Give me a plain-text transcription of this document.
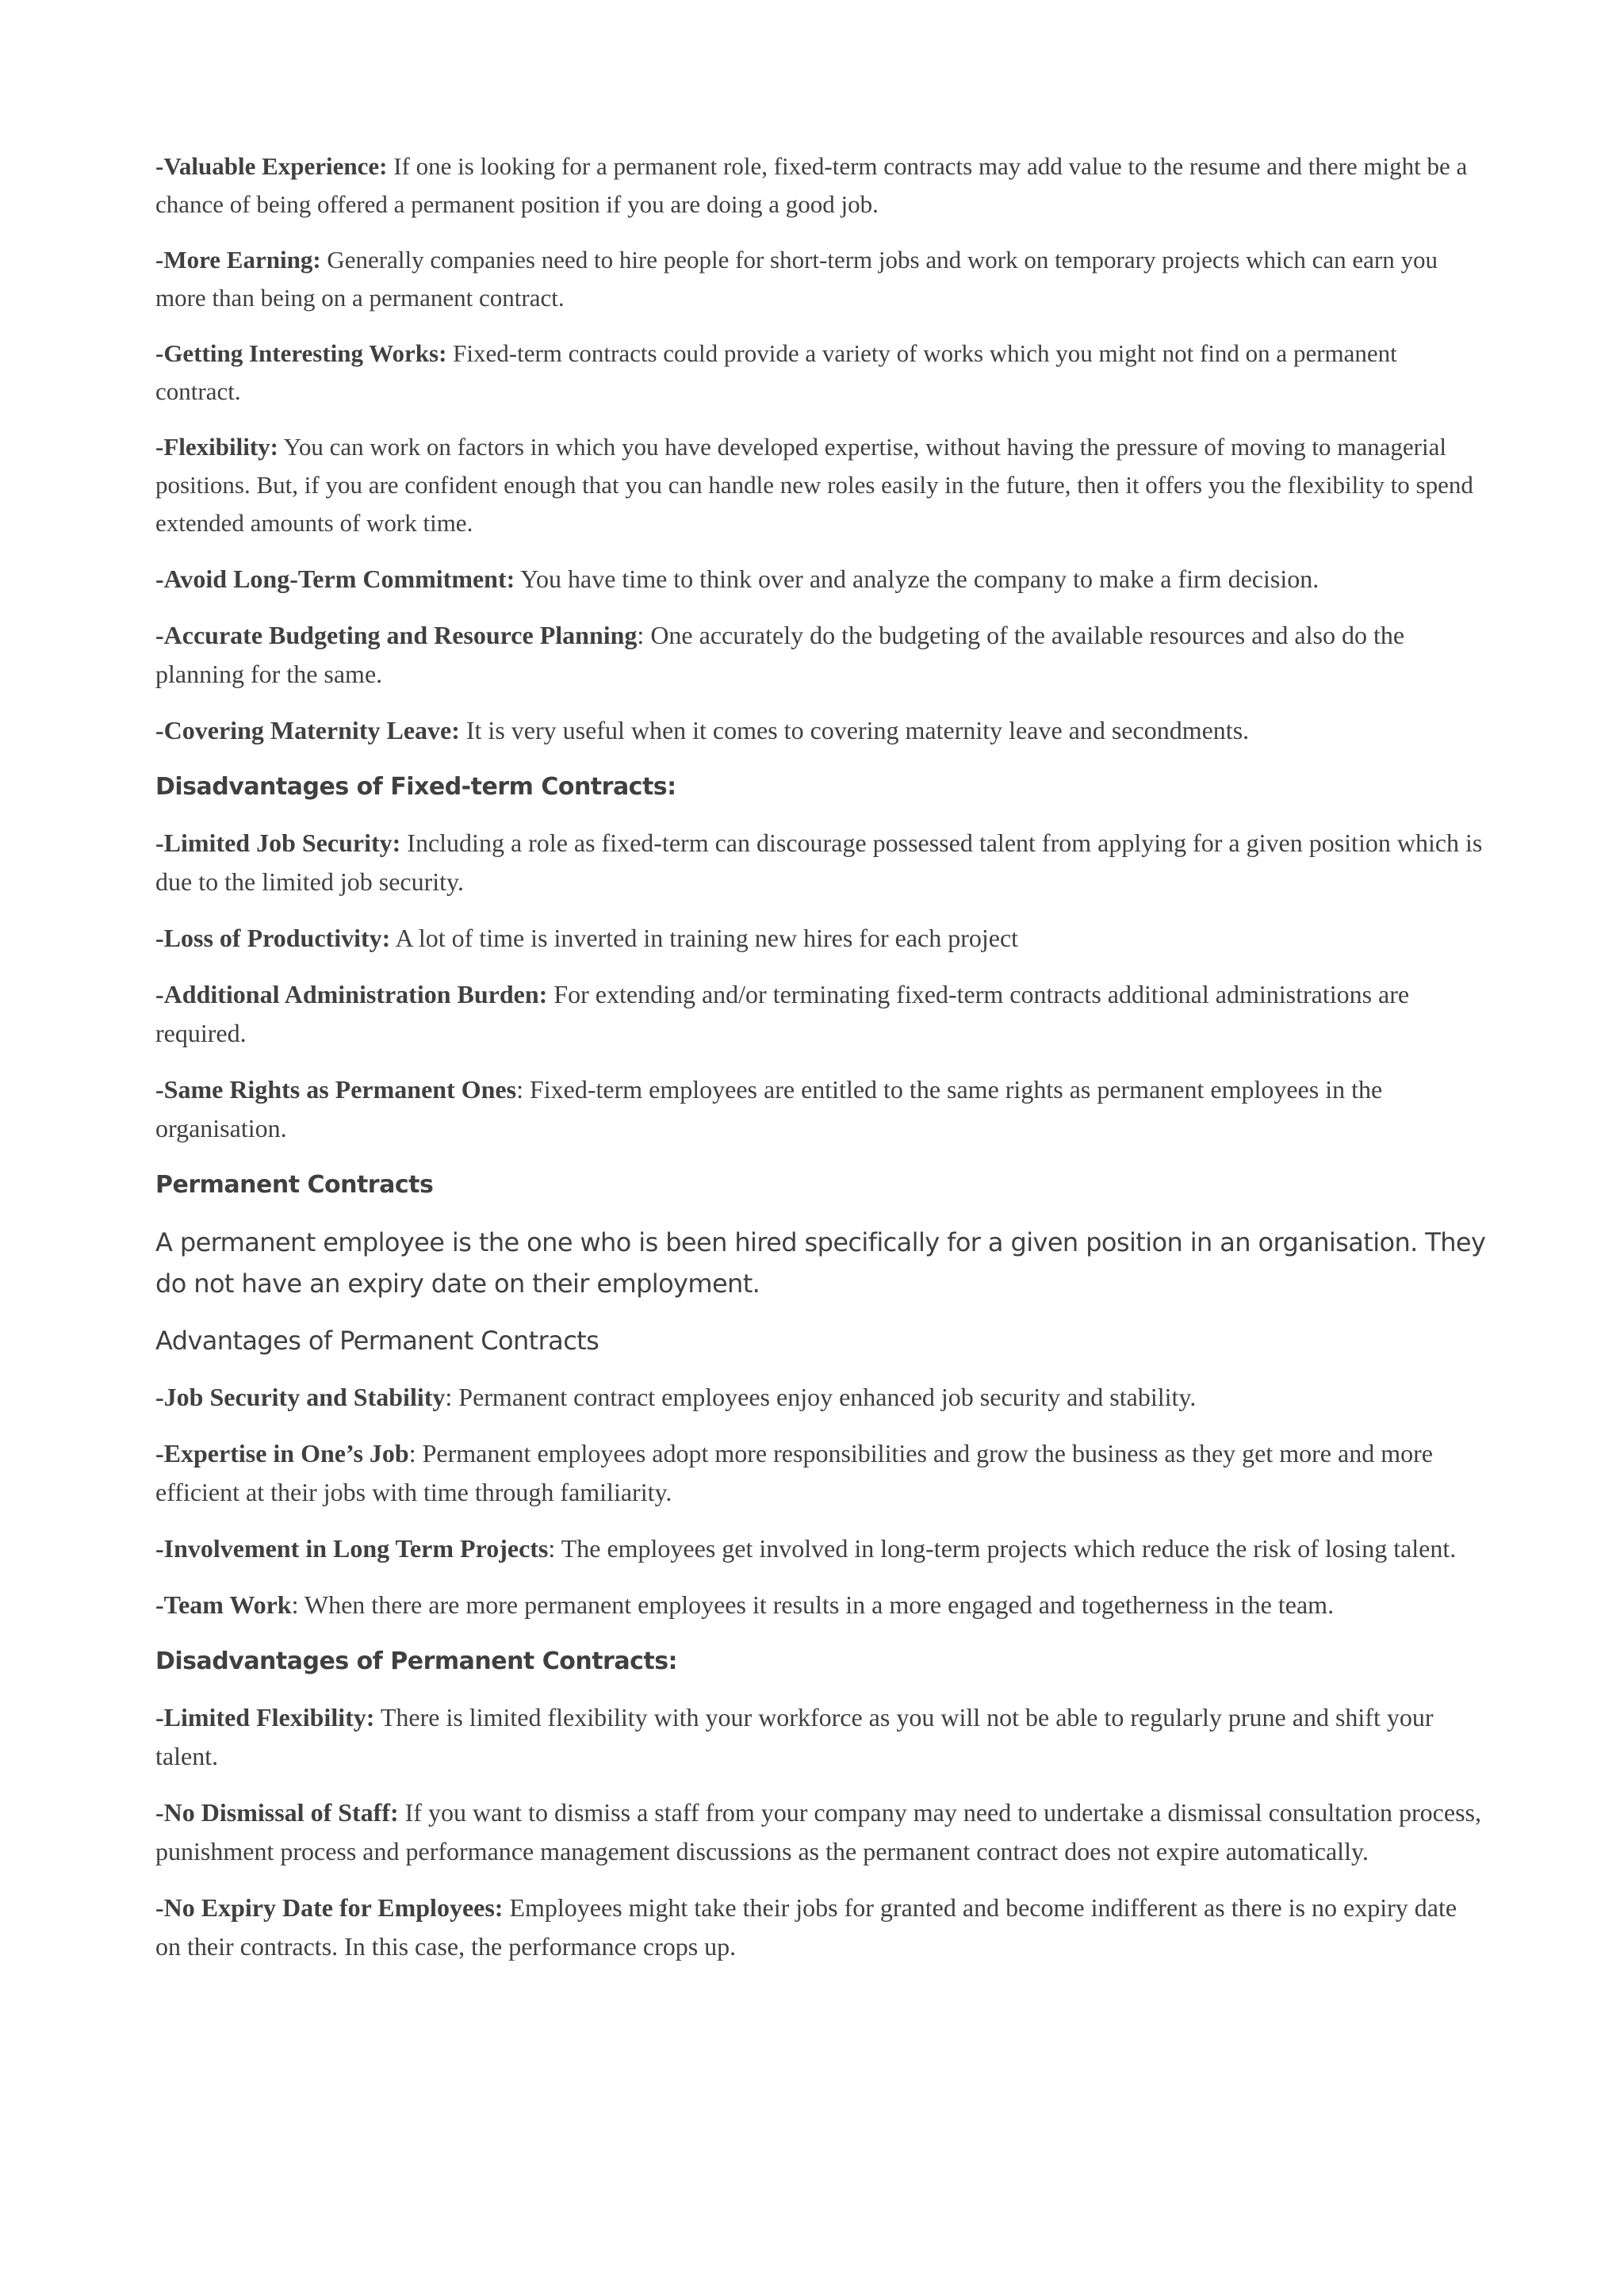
-Valuable Experience: If one is looking for a permanent role, fixed-term contracts may add value to the resume and there might be a chance of being offered a permanent position if you are doing a good job.

-More Earning: Generally companies need to hire people for short-term jobs and work on temporary projects which can earn you more than being on a permanent contract.

-Getting Interesting Works: Fixed-term contracts could provide a variety of works which you might not find on a permanent contract.

-Flexibility: You can work on factors in which you have developed expertise, without having the pressure of moving to managerial positions. But, if you are confident enough that you can handle new roles easily in the future, then it offers you the flexibility to spend extended amounts of work time.

-Avoid Long-Term Commitment: You have time to think over and analyze the company to make a firm decision.

-Accurate Budgeting and Resource Planning: One accurately do the budgeting of the available resources and also do the planning for the same.

-Covering Maternity Leave: It is very useful when it comes to covering maternity leave and secondments.

Disadvantages of Fixed-term Contracts:

-Limited Job Security: Including a role as fixed-term can discourage possessed talent from applying for a given position which is due to the limited job security.

-Loss of Productivity: A lot of time is inverted in training new hires for each project

-Additional Administration Burden: For extending and/or terminating fixed-term contracts additional administrations are required.

-Same Rights as Permanent Ones: Fixed-term employees are entitled to the same rights as permanent employees in the organisation.

Permanent Contracts

A permanent employee is the one who is been hired specifically for a given position in an organisation. They do not have an expiry date on their employment.

Advantages of Permanent Contracts

-Job Security and Stability: Permanent contract employees enjoy enhanced job security and stability.

-Expertise in One’s Job: Permanent employees adopt more responsibilities and grow the business as they get more and more efficient at their jobs with time through familiarity.

-Involvement in Long Term Projects: The employees get involved in long-term projects which reduce the risk of losing talent.

-Team Work: When there are more permanent employees it results in a more engaged and togetherness in the team.

Disadvantages of Permanent Contracts:

-Limited Flexibility: There is limited flexibility with your workforce as you will not be able to regularly prune and shift your talent.

-No Dismissal of Staff: If you want to dismiss a staff from your company may need to undertake a dismissal consultation process, punishment process and performance management discussions as the permanent contract does not expire automatically.

-No Expiry Date for Employees: Employees might take their jobs for granted and become indifferent as there is no expiry date on their contracts. In this case, the performance crops up.
